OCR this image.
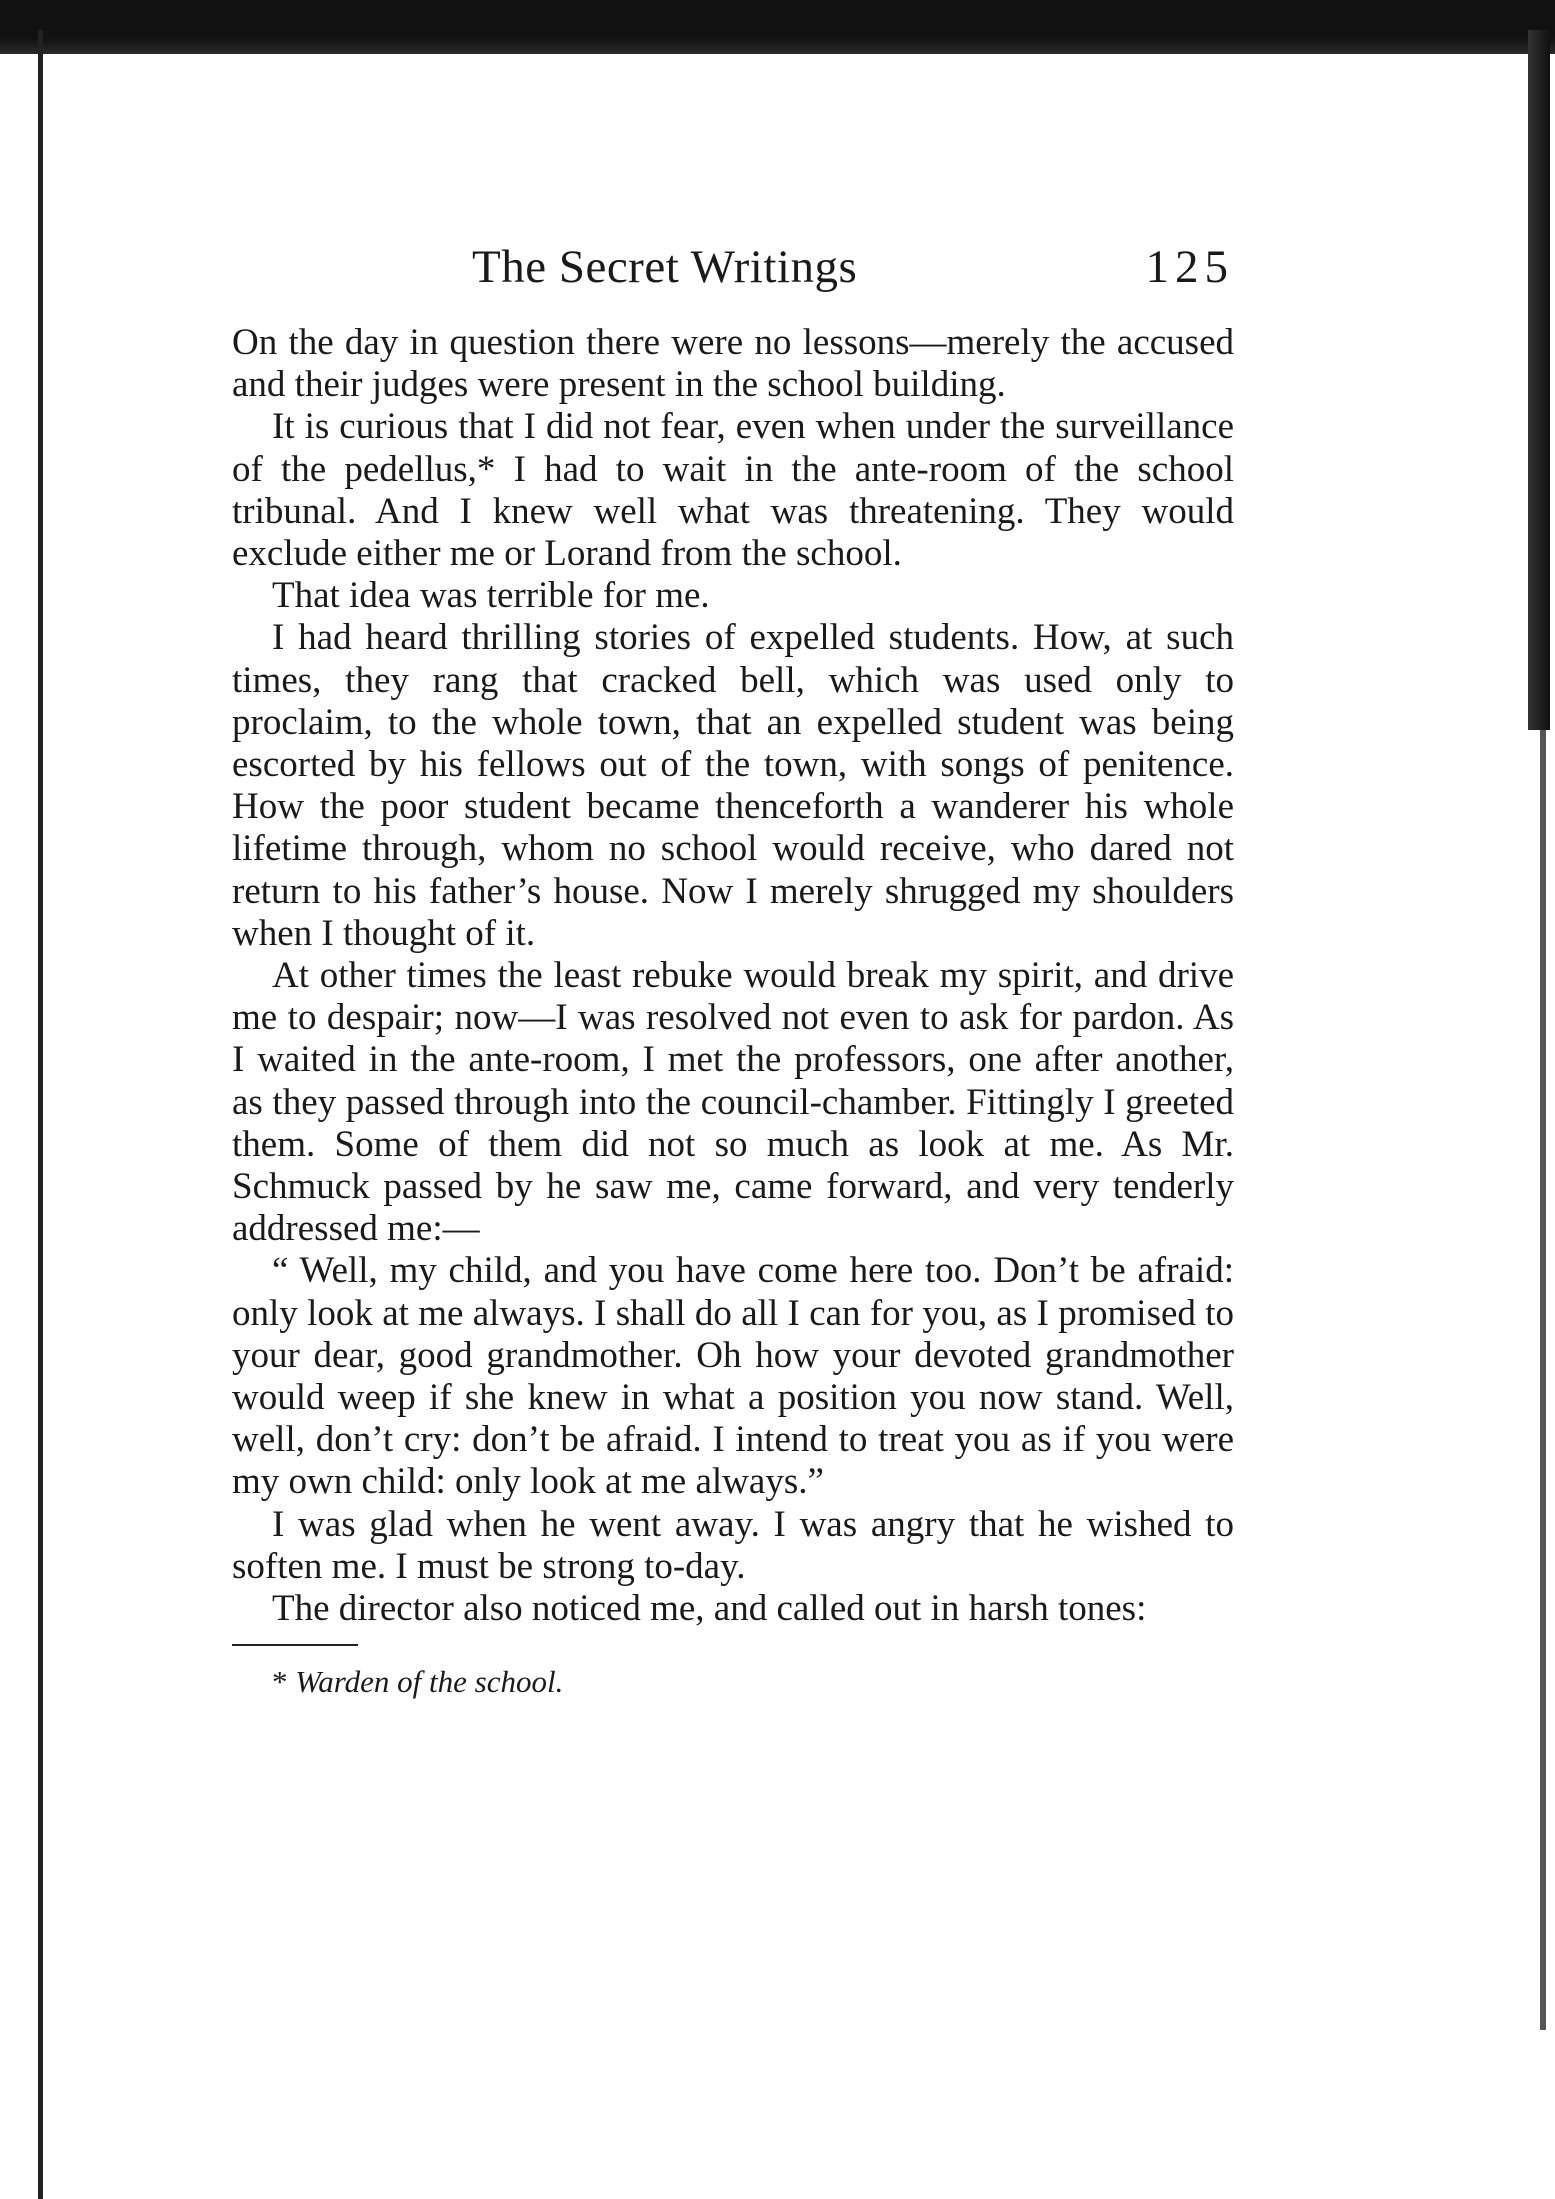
The Secret Writings	125

On the day in question there were no lessons—merely the accused and their judges were present in the school building.

It is curious that I did not fear, even when under the surveillance of the pedellus,* I had to wait in the ante-room of the school tribunal. And I knew well what was threatening. They would exclude either me or Lorand from the school.

That idea was terrible for me.

I had heard thrilling stories of expelled students. How, at such times, they rang that cracked bell, which was used only to proclaim, to the whole town, that an expelled student was being escorted by his fellows out of the town, with songs of penitence. How the poor student became thenceforth a wanderer his whole lifetime through, whom no school would receive, who dared not return to his father’s house. Now I merely shrugged my shoulders when I thought of it.

At other times the least rebuke would break my spirit, and drive me to despair; now—I was resolved not even to ask for pardon. As I waited in the ante-room, I met the professors, one after another, as they passed through into the council-chamber. Fittingly I greeted them. Some of them did not so much as look at me. As Mr. Schmuck passed by he saw me, came forward, and very tenderly addressed me:—

“ Well, my child, and you have come here too. Don’t be afraid: only look at me always. I shall do all I can for you, as I promised to your dear, good grandmother. Oh how your devoted grandmother would weep if she knew in what a position you now stand. Well, well, don’t cry: don’t be afraid. I intend to treat you as if you were my own child: only look at me always.”

I was glad when he went away. I was angry that he wished to soften me. I must be strong to-day.

The director also noticed me, and called out in harsh tones:

* Warden of the school.
